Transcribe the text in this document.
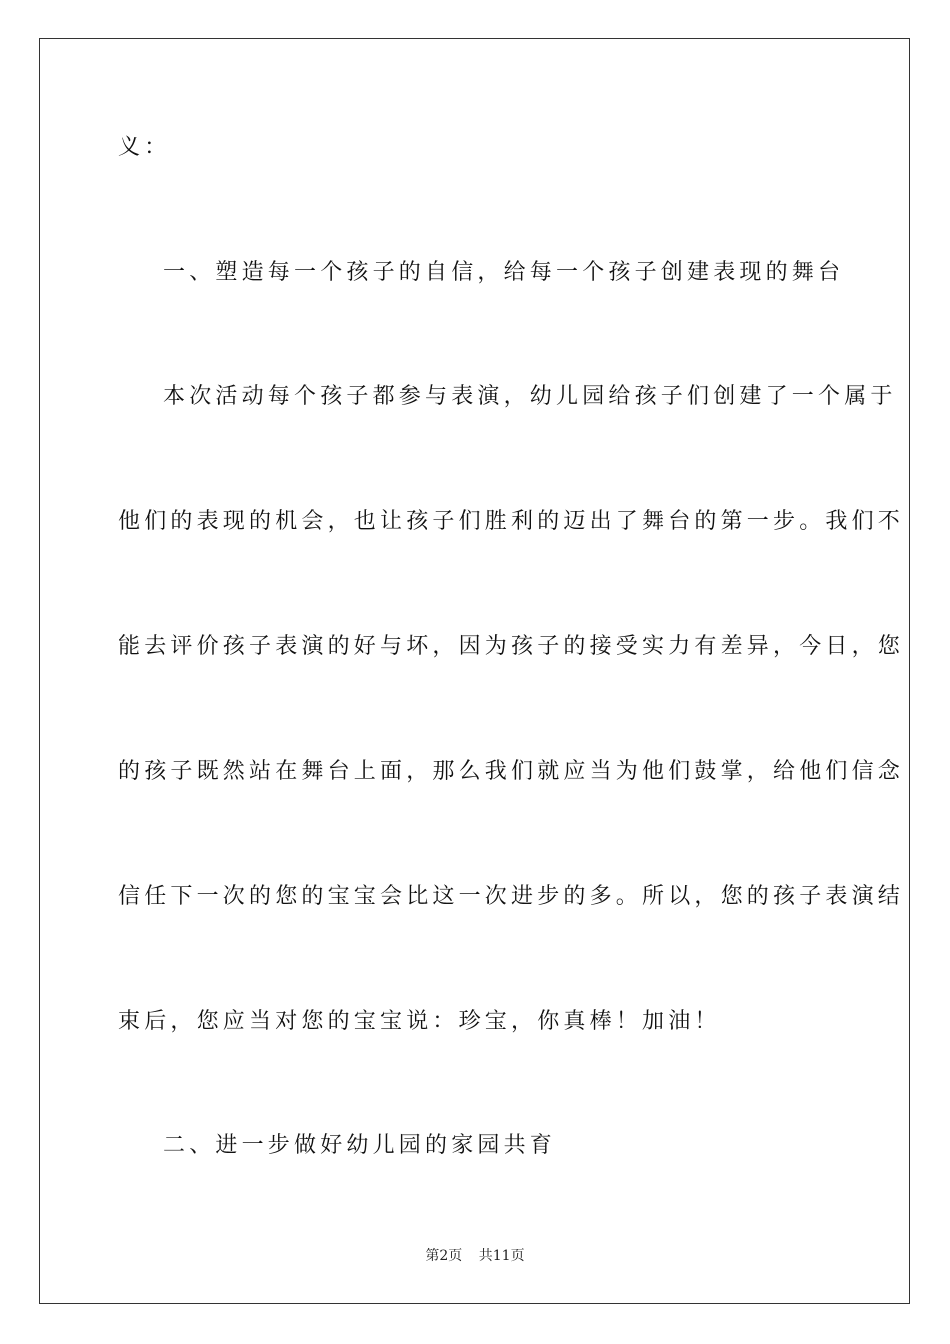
义：
一、塑造每一个孩子的自信，给每一个孩子创建表现的舞台
本次活动每个孩子都参与表演，幼儿园给孩子们创建了一个属于
他们的表现的机会，也让孩子们胜利的迈出了舞台的第一步。我们不
能去评价孩子表演的好与坏，因为孩子的接受实力有差异，今日，您
的孩子既然站在舞台上面，那么我们就应当为他们鼓掌，给他们信念
信任下一次的您的宝宝会比这一次进步的多。所以，您的孩子表演结
束后，您应当对您的宝宝说：珍宝，你真棒！加油！
二、进一步做好幼儿园的家园共育
第2页 共11页
